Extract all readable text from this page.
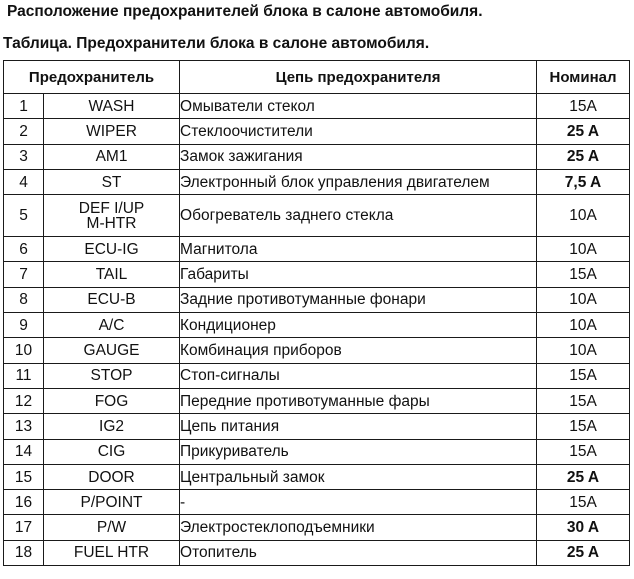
Расположение предохранителей блока в салоне автомобиля.
Таблица. Предохранители блока в салоне автомобиля.
Предохранитель		Цепь предохранителя	Номинал
1	WASH	Омыватели стекол	15A
2	WIPER	Стеклоочистители	25 A
3	AM1	Замок зажигания	25 A
4	ST	Электронный блок управления двигателем	7,5 A
5	DEF I/UP
M-HTR	Обогреватель заднего стекла	10A
6	ECU-IG	Магнитола	10A
7	TAIL	Габариты	15A
8	ECU-B	Задние противотуманные фонари	10A
9	A/C	Кондиционер	10A
10	GAUGE	Комбинация приборов	10A
11	STOP	Стоп-сигналы	15A
12	FOG	Передние противотуманные фары	15A
13	IG2	Цепь питания	15A
14	CIG	Прикуриватель	15A
15	DOOR	Центральный замок	25 A
16	P/POINT	-	15A
17	P/W	Электростеклоподъемники	30 A
18	FUEL HTR	Отопитель	25 A
